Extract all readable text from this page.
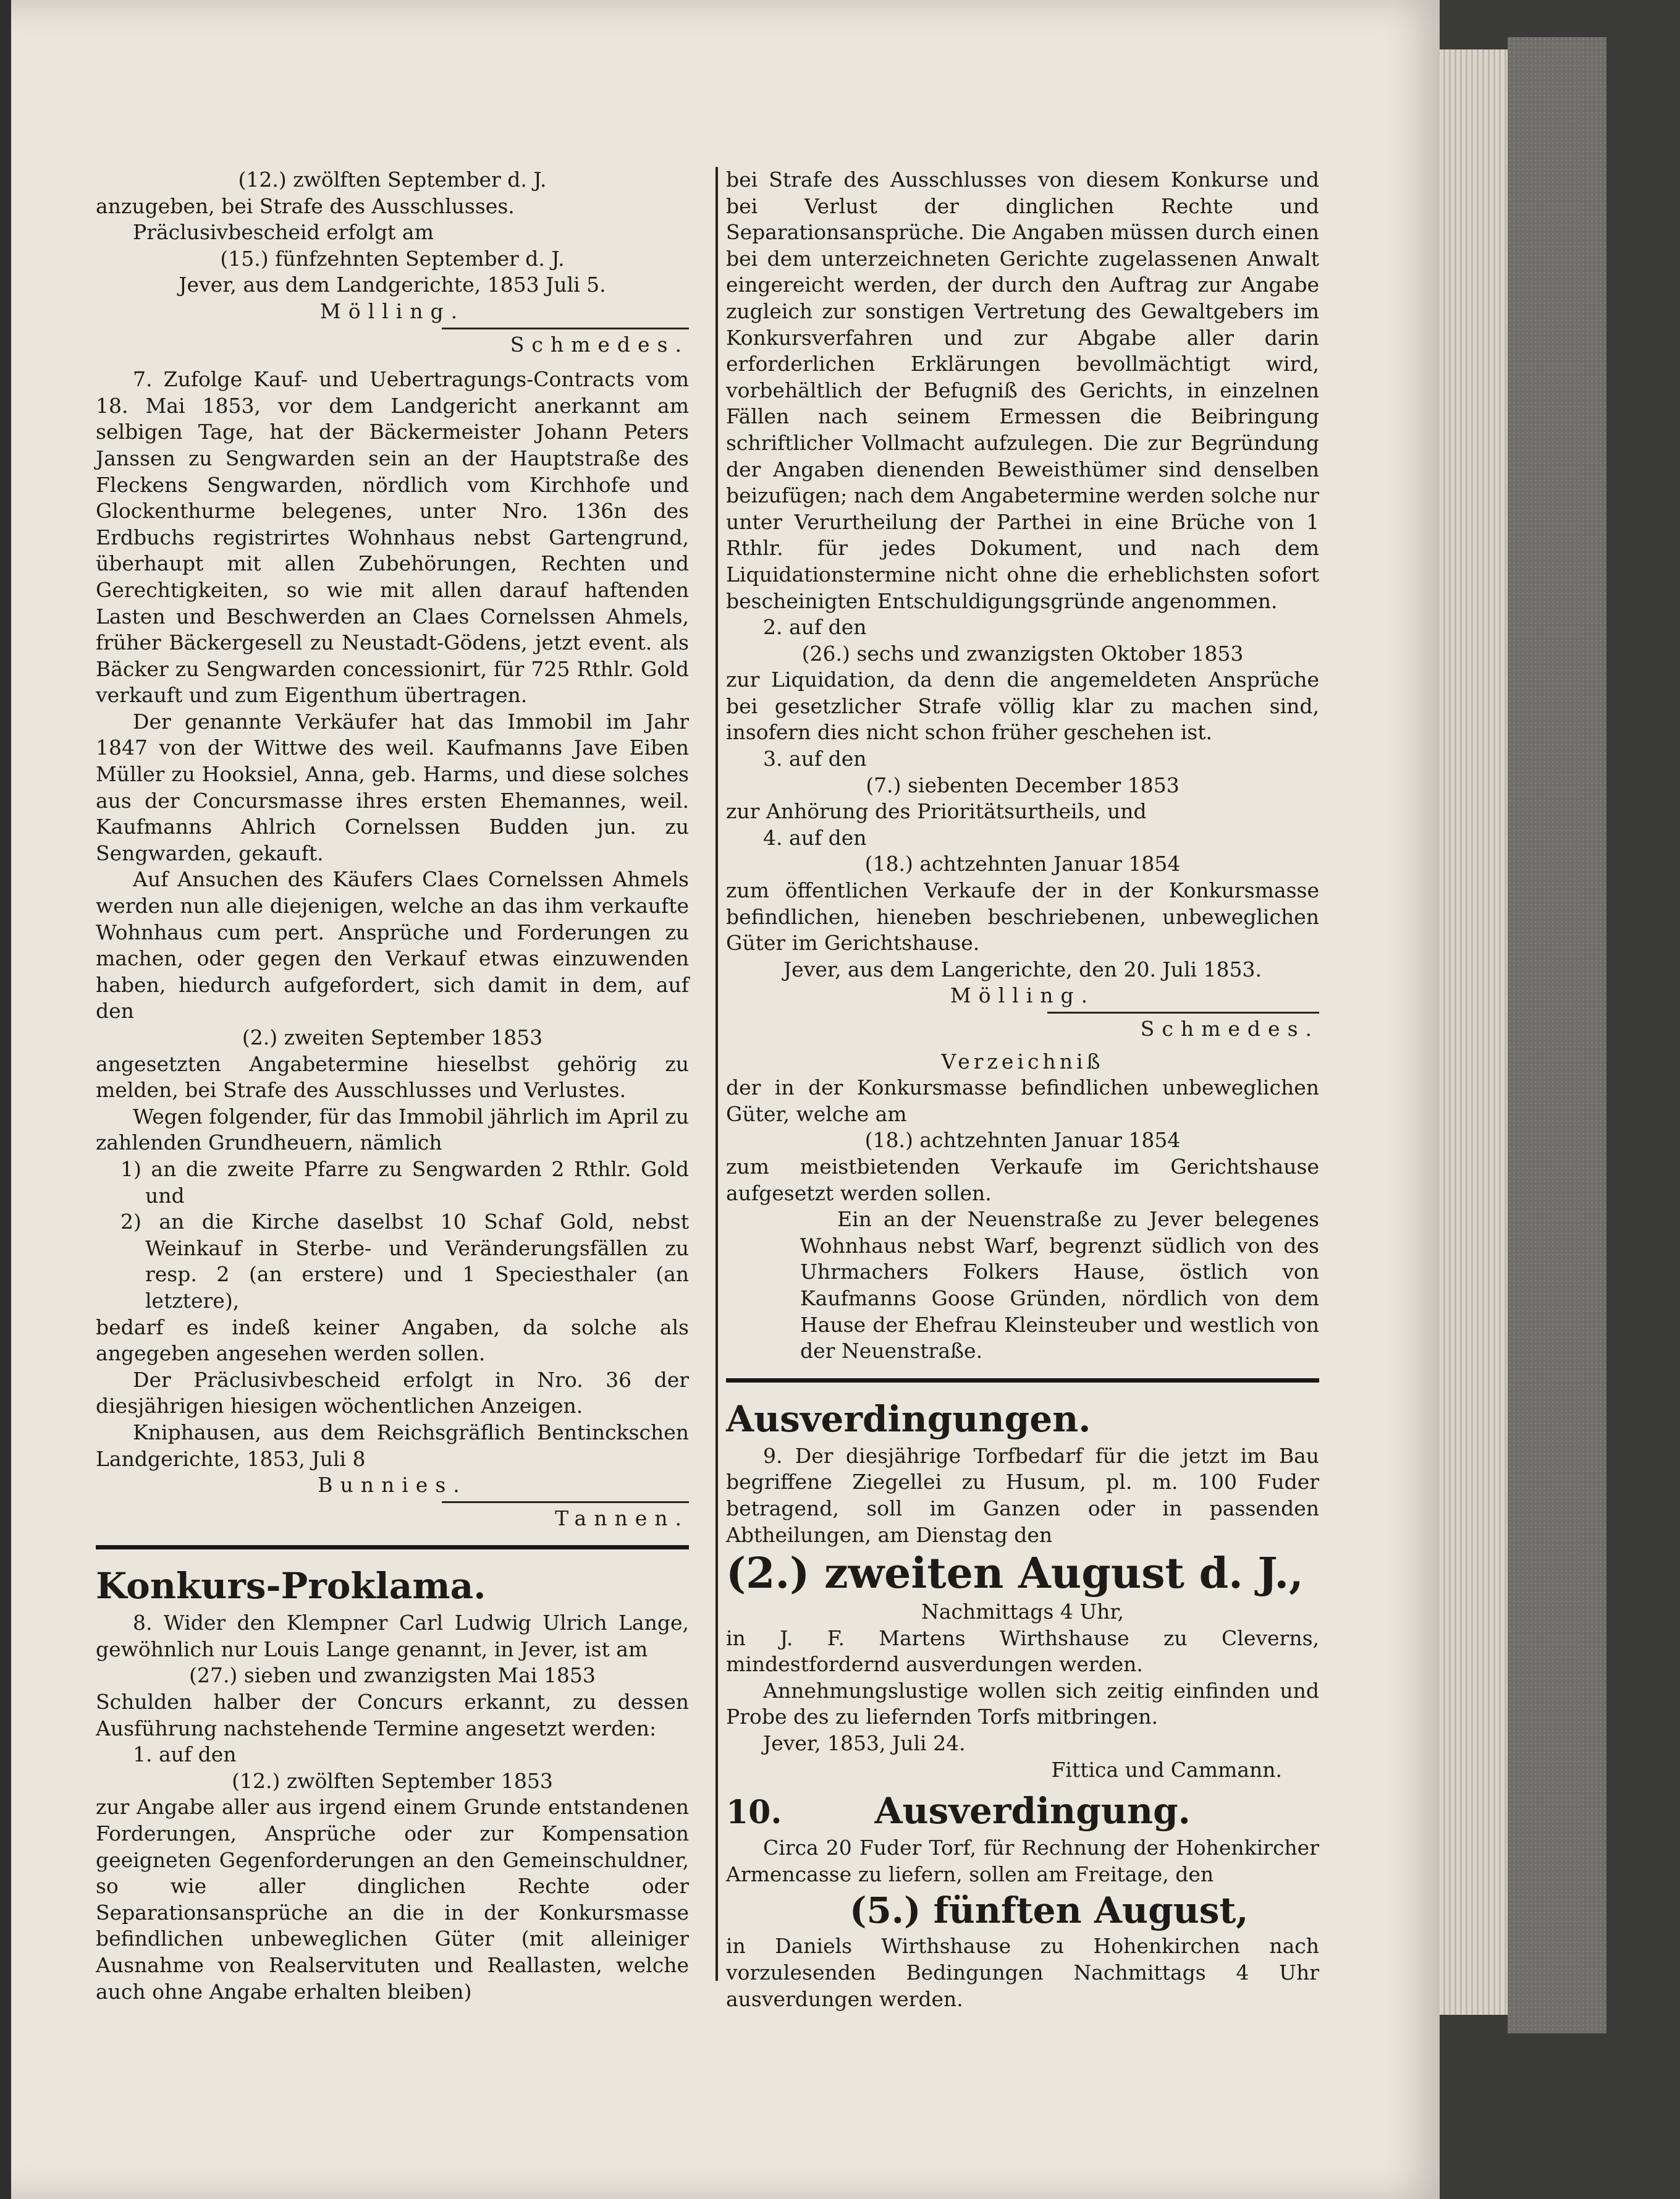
(12.) zwölften September d. J.

anzugeben, bei Strafe des Ausschlusses.

Präclusivbescheid erfolgt am

(15.) fünfzehnten September d. J.

Jever, aus dem Landgerichte, 1853 Juli 5.

Mölling.

Schmedes.

7. Zufolge Kauf- und Uebertragungs-Contracts vom 18. Mai 1853, vor dem Landgericht anerkannt am selbigen Tage, hat der Bäckermeister Johann Peters Janssen zu Sengwarden sein an der Hauptstraße des Fleckens Sengwarden, nördlich vom Kirchhofe und Glockenthurme belegenes, unter Nro. 136n des Erdbuchs registrirtes Wohnhaus nebst Gartengrund, überhaupt mit allen Zubehörungen, Rechten und Gerechtigkeiten, so wie mit allen darauf haftenden Lasten und Beschwerden an Claes Cornelssen Ahmels, früher Bäckergesell zu Neustadt-Gödens, jetzt event. als Bäcker zu Sengwarden concessionirt, für 725 Rthlr. Gold verkauft und zum Eigenthum übertragen.

Der genannte Verkäufer hat das Immobil im Jahr 1847 von der Wittwe des weil. Kaufmanns Jave Eiben Müller zu Hooksiel, Anna, geb. Harms, und diese solches aus der Concursmasse ihres ersten Ehemannes, weil. Kaufmanns Ahlrich Cornelssen Budden jun. zu Sengwarden, gekauft.

Auf Ansuchen des Käufers Claes Cornelssen Ahmels werden nun alle diejenigen, welche an das ihm verkaufte Wohnhaus cum pert. Ansprüche und Forderungen zu machen, oder gegen den Verkauf etwas einzuwenden haben, hiedurch aufgefordert, sich damit in dem, auf den

(2.) zweiten September 1853

angesetzten Angabetermine hieselbst gehörig zu melden, bei Strafe des Ausschlusses und Verlustes.

Wegen folgender, für das Immobil jährlich im April zu zahlenden Grundheuern, nämlich

1) an die zweite Pfarre zu Sengwarden 2 Rthlr. Gold und

2) an die Kirche daselbst 10 Schaf Gold, nebst Weinkauf in Sterbe- und Veränderungsfällen zu resp. 2 (an erstere) und 1 Speciesthaler (an letztere),

bedarf es indeß keiner Angaben, da solche als angegeben angesehen werden sollen.

Der Präclusivbescheid erfolgt in Nro. 36 der diesjährigen hiesigen wöchentlichen Anzeigen.

Kniphausen, aus dem Reichsgräflich Bentinckschen Landgerichte, 1853, Juli 8

Bunnies.

Tannen.

Konkurs-Proklama.

8. Wider den Klempner Carl Ludwig Ulrich Lange, gewöhnlich nur Louis Lange genannt, in Jever, ist am

(27.) sieben und zwanzigsten Mai 1853

Schulden halber der Concurs erkannt, zu dessen Ausführung nachstehende Termine angesetzt werden:

1. auf den

(12.) zwölften September 1853

zur Angabe aller aus irgend einem Grunde entstandenen Forderungen, Ansprüche oder zur Kompensation geeigneten Gegenforderungen an den Gemeinschuldner, so wie aller dinglichen Rechte oder Separationsansprüche an die in der Konkursmasse befindlichen unbeweglichen Güter (mit alleiniger Ausnahme von Realservituten und Reallasten, welche auch ohne Angabe erhalten bleiben)

bei Strafe des Ausschlusses von diesem Konkurse und bei Verlust der dinglichen Rechte und Separationsansprüche. Die Angaben müssen durch einen bei dem unterzeichneten Gerichte zugelassenen Anwalt eingereicht werden, der durch den Auftrag zur Angabe zugleich zur sonstigen Vertretung des Gewaltgebers im Konkursverfahren und zur Abgabe aller darin erforderlichen Erklärungen bevollmächtigt wird, vorbehältlich der Befugniß des Gerichts, in einzelnen Fällen nach seinem Ermessen die Beibringung schriftlicher Vollmacht aufzulegen. Die zur Begründung der Angaben dienenden Beweisthümer sind denselben beizufügen; nach dem Angabetermine werden solche nur unter Verurtheilung der Parthei in eine Brüche von 1 Rthlr. für jedes Dokument, und nach dem Liquidationstermine nicht ohne die erheblichsten sofort bescheinigten Entschuldigungsgründe angenommen.

2. auf den

(26.) sechs und zwanzigsten Oktober 1853

zur Liquidation, da denn die angemeldeten Ansprüche bei gesetzlicher Strafe völlig klar zu machen sind, insofern dies nicht schon früher geschehen ist.

3. auf den

(7.) siebenten December 1853

zur Anhörung des Prioritätsurtheils, und

4. auf den

(18.) achtzehnten Januar 1854

zum öffentlichen Verkaufe der in der Konkursmasse befindlichen, hieneben beschriebenen, unbeweglichen Güter im Gerichtshause.

Jever, aus dem Langerichte, den 20. Juli 1853.

Mölling.

Schmedes.

Verzeichniß

der in der Konkursmasse befindlichen unbeweglichen Güter, welche am

(18.) achtzehnten Januar 1854

zum meistbietenden Verkaufe im Gerichtshause aufgesetzt werden sollen.

Ein an der Neuenstraße zu Jever belegenes Wohnhaus nebst Warf, begrenzt südlich von des Uhrmachers Folkers Hause, östlich von Kaufmanns Goose Gründen, nördlich von dem Hause der Ehefrau Kleinsteuber und westlich von der Neuenstraße.

Ausverdingungen.

9. Der diesjährige Torfbedarf für die jetzt im Bau begriffene Ziegellei zu Husum, pl. m. 100 Fuder betragend, soll im Ganzen oder in passenden Abtheilungen, am Dienstag den

(2.) zweiten August d. J.,

Nachmittags 4 Uhr,

in J. F. Martens Wirthshause zu Cleverns, mindestfordernd ausverdungen werden.

Annehmungslustige wollen sich zeitig einfinden und Probe des zu liefernden Torfs mitbringen.

Jever, 1853, Juli 24.

Fittica und Cammann.

10.	Ausverdingung.

Circa 20 Fuder Torf, für Rechnung der Hohenkircher Armencasse zu liefern, sollen am Freitage, den

(5.) fünften August,

in Daniels Wirthshause zu Hohenkirchen nach vorzulesenden Bedingungen Nachmittags 4 Uhr ausverdungen werden.
